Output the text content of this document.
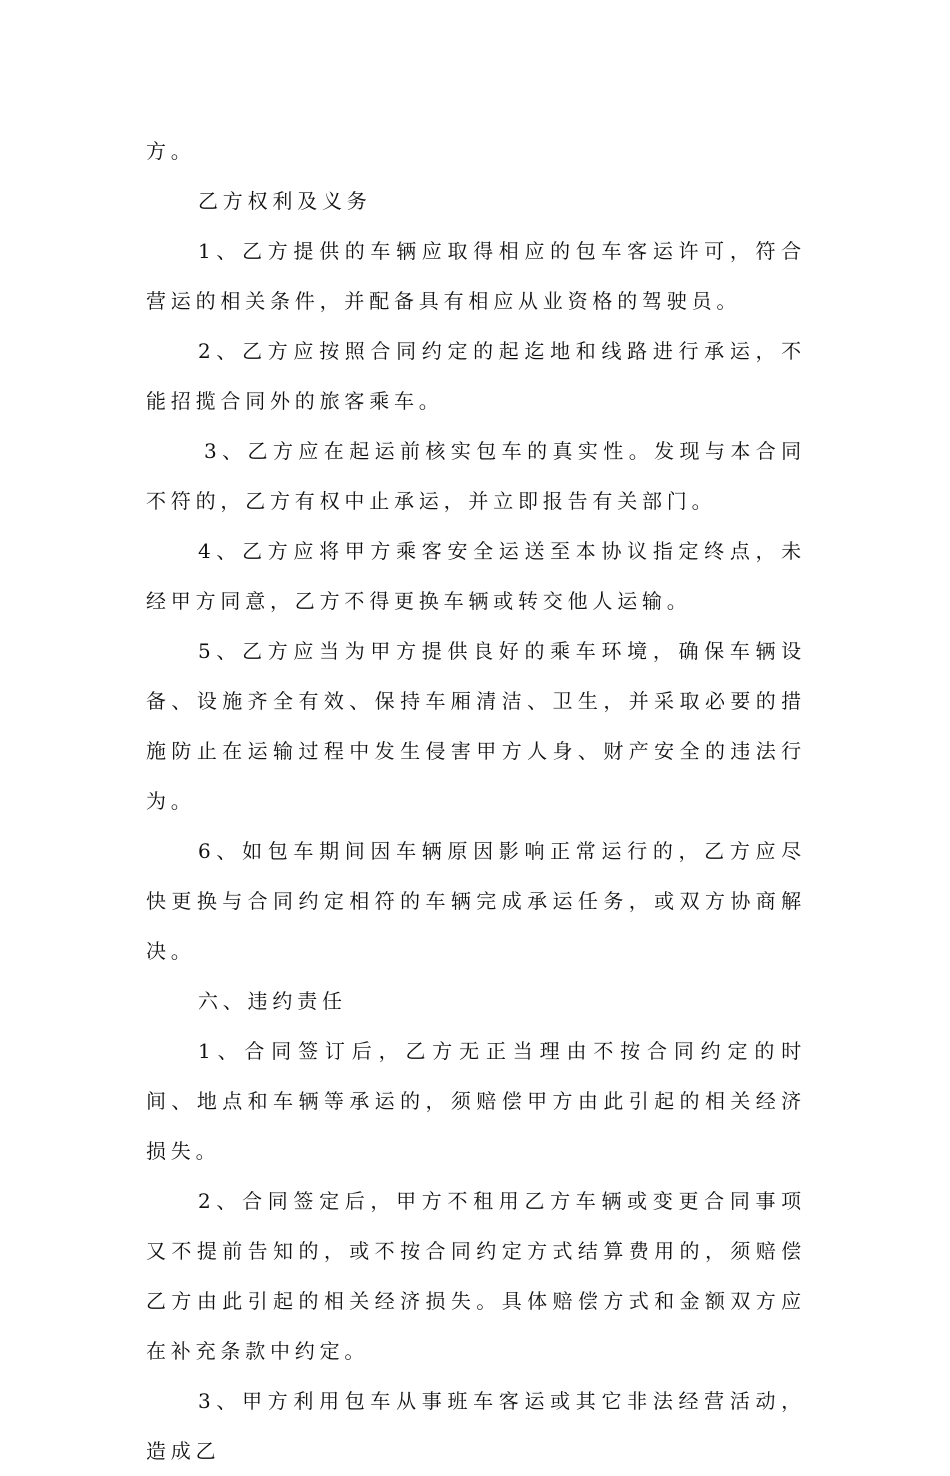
方。

乙方权利及义务

1、乙方提供的车辆应取得相应的包车客运许可，符合营运的相关条件，并配备具有相应从业资格的驾驶员。

2、乙方应按照合同约定的起迄地和线路进行承运，不能招揽合同外的旅客乘车。

3、乙方应在起运前核实包车的真实性。发现与本合同不符的，乙方有权中止承运，并立即报告有关部门。

4、乙方应将甲方乘客安全运送至本协议指定终点，未经甲方同意，乙方不得更换车辆或转交他人运输。

5、乙方应当为甲方提供良好的乘车环境，确保车辆设备、设施齐全有效、保持车厢清洁、卫生，并采取必要的措施防止在运输过程中发生侵害甲方人身、财产安全的违法行为。

6、如包车期间因车辆原因影响正常运行的，乙方应尽快更换与合同约定相符的车辆完成承运任务，或双方协商解决。

六、违约责任

1、合同签订后，乙方无正当理由不按合同约定的时间、地点和车辆等承运的，须赔偿甲方由此引起的相关经济损失。

2、合同签定后，甲方不租用乙方车辆或变更合同事项又不提前告知的，或不按合同约定方式结算费用的，须赔偿乙方由此引起的相关经济损失。具体赔偿方式和金额双方应在补充条款中约定。

3、甲方利用包车从事班车客运或其它非法经营活动，造成乙
